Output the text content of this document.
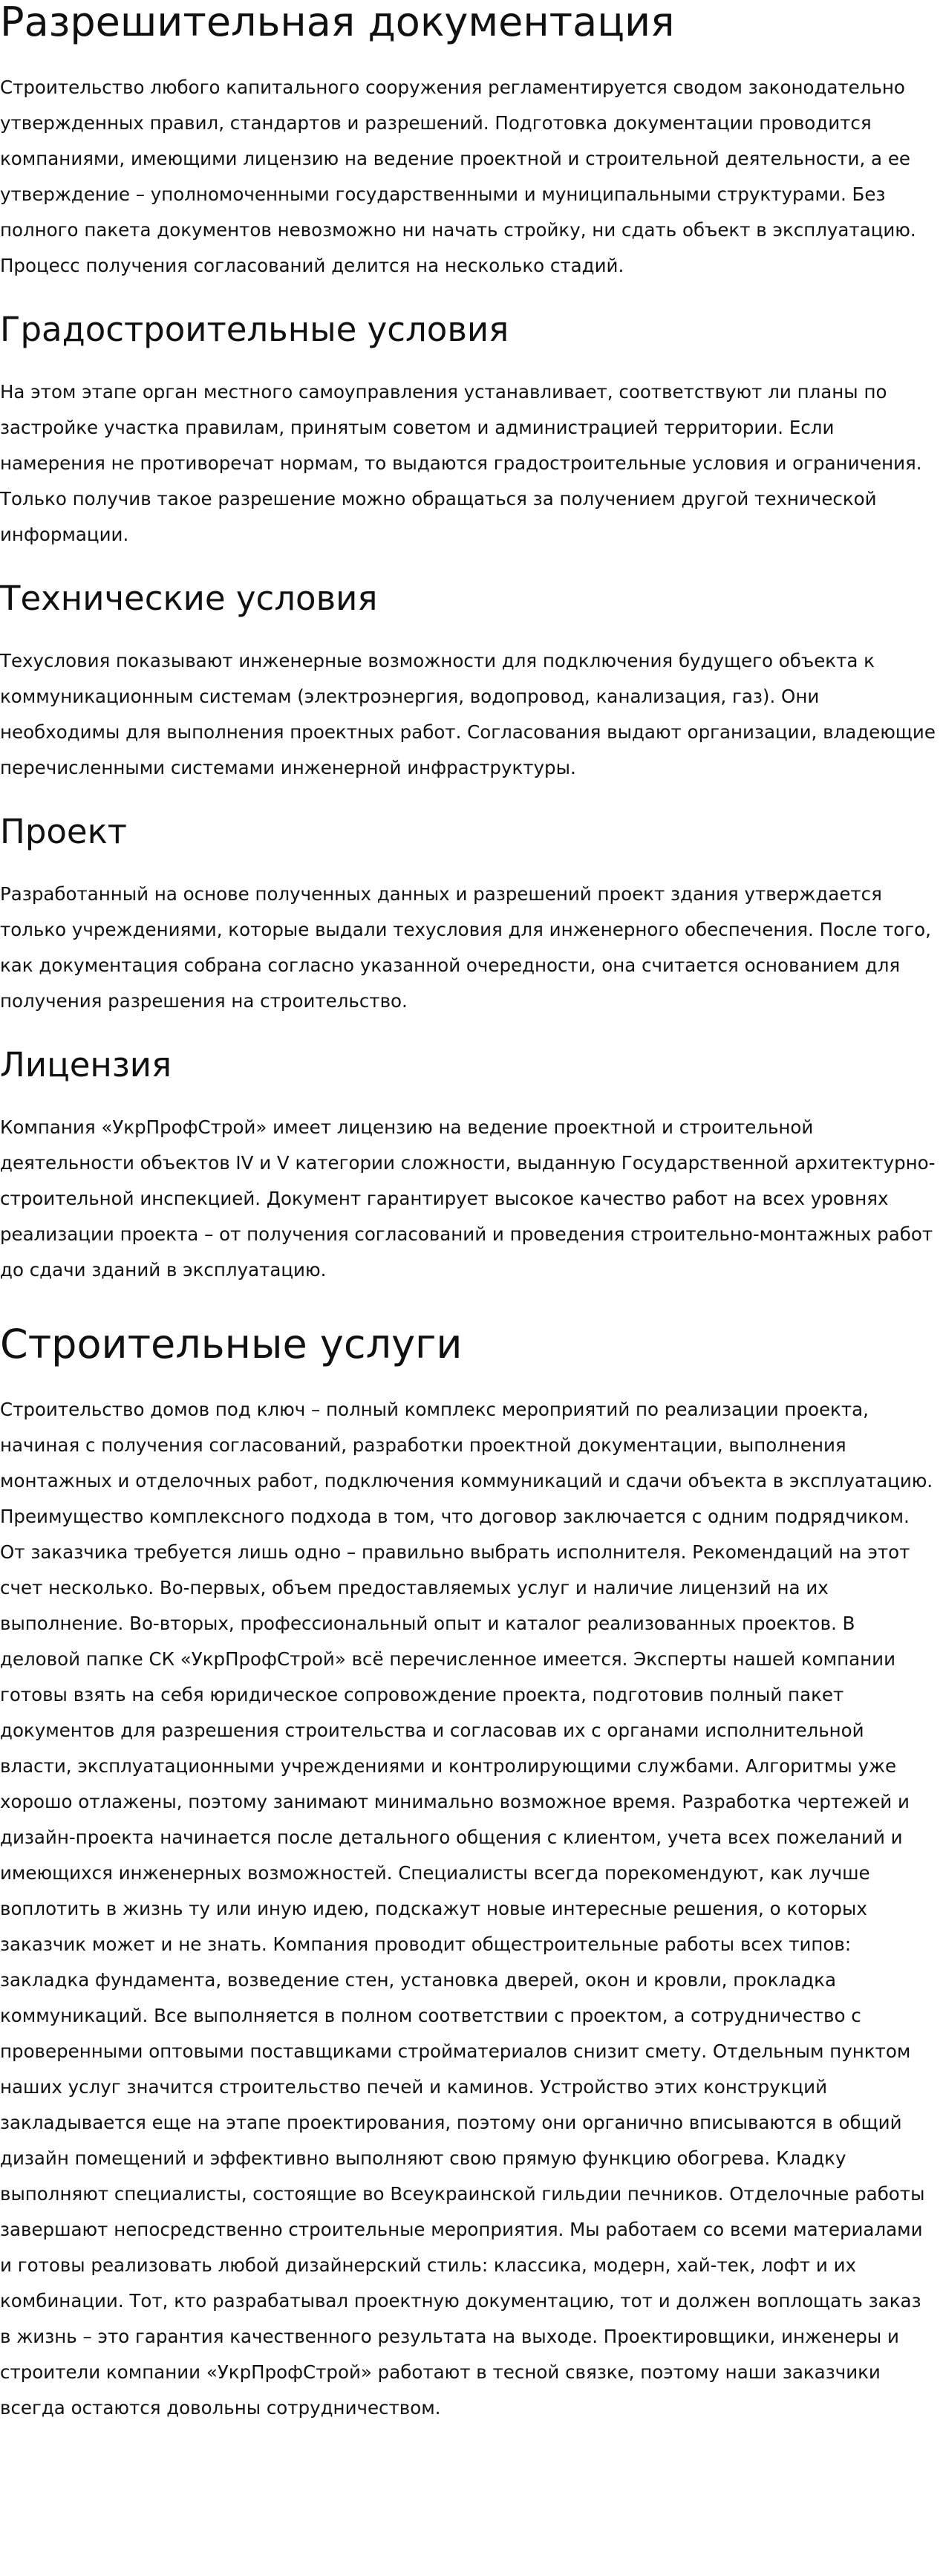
Разрешительная документация

Строительство любого капитального сооружения регламентируется сводом законодательно утвержденных правил, стандартов и разрешений. Подготовка документации проводится компаниями, имеющими лицензию на ведение проектной и строительной деятельности, а ее утверждение – уполномоченными государственными и муниципальными структурами. Без полного пакета документов невозможно ни начать стройку, ни сдать объект в эксплуатацию. Процесс получения согласований делится на несколько стадий.

Градостроительные условия

На этом этапе орган местного самоуправления устанавливает, соответствуют ли планы по застройке участка правилам, принятым советом и администрацией территории. Если намерения не противоречат нормам, то выдаются градостроительные условия и ограничения. Только получив такое разрешение можно обращаться за получением другой технической информации.

Технические условия

Техусловия показывают инженерные возможности для подключения будущего объекта к коммуникационным системам (электроэнергия, водопровод, канализация, газ). Они необходимы для выполнения проектных работ. Согласования выдают организации, владеющие перечисленными системами инженерной инфраструктуры.

Проект

Разработанный на основе полученных данных и разрешений проект здания утверждается только учреждениями, которые выдали техусловия для инженерного обеспечения. После того, как документация собрана согласно указанной очередности, она считается основанием для получения разрешения на строительство.

Лицензия

Компания «УкрПрофСтрой» имеет лицензию на ведение проектной и строительной деятельности объектов IV и V категории сложности, выданную Государственной архитектурно-строительной инспекцией. Документ гарантирует высокое качество работ на всех уровнях реализации проекта – от получения согласований и проведения строительно-монтажных работ до сдачи зданий в эксплуатацию.

Строительные услуги

Строительство домов под ключ – полный комплекс мероприятий по реализации проекта, начиная с получения согласований, разработки проектной документации, выполнения монтажных и отделочных работ, подключения коммуникаций и сдачи объекта в эксплуатацию. Преимущество комплексного подхода в том, что договор заключается с одним подрядчиком. От заказчика требуется лишь одно – правильно выбрать исполнителя. Рекомендаций на этот счет несколько. Во-первых, объем предоставляемых услуг и наличие лицензий на их выполнение. Во-вторых, профессиональный опыт и каталог реализованных проектов. В деловой папке СК «УкрПрофСтрой» всё перечисленное имеется. Эксперты нашей компании готовы взять на себя юридическое сопровождение проекта, подготовив полный пакет документов для разрешения строительства и согласовав их с органами исполнительной власти, эксплуатационными учреждениями и контролирующими службами. Алгоритмы уже хорошо отлажены, поэтому занимают минимально возможное время. Разработка чертежей и дизайн-проекта начинается после детального общения с клиентом, учета всех пожеланий и имеющихся инженерных возможностей. Специалисты всегда порекомендуют, как лучше воплотить в жизнь ту или иную идею, подскажут новые интересные решения, о которых заказчик может и не знать. Компания проводит общестроительные работы всех типов: закладка фундамента, возведение стен, установка дверей, окон и кровли, прокладка коммуникаций. Все выполняется в полном соответствии с проектом, а сотрудничество с проверенными оптовыми поставщиками стройматериалов снизит смету. Отдельным пунктом наших услуг значится строительство печей и каминов. Устройство этих конструкций закладывается еще на этапе проектирования, поэтому они органично вписываются в общий дизайн помещений и эффективно выполняют свою прямую функцию обогрева. Кладку выполняют специалисты, состоящие во Всеукраинской гильдии печников. Отделочные работы завершают непосредственно строительные мероприятия. Мы работаем со всеми материалами и готовы реализовать любой дизайнерский стиль: классика, модерн, хай-тек, лофт и их комбинации. Тот, кто разрабатывал проектную документацию, тот и должен воплощать заказ в жизнь – это гарантия качественного результата на выходе. Проектировщики, инженеры и строители компании «УкрПрофСтрой» работают в тесной связке, поэтому наши заказчики всегда остаются довольны сотрудничеством.
